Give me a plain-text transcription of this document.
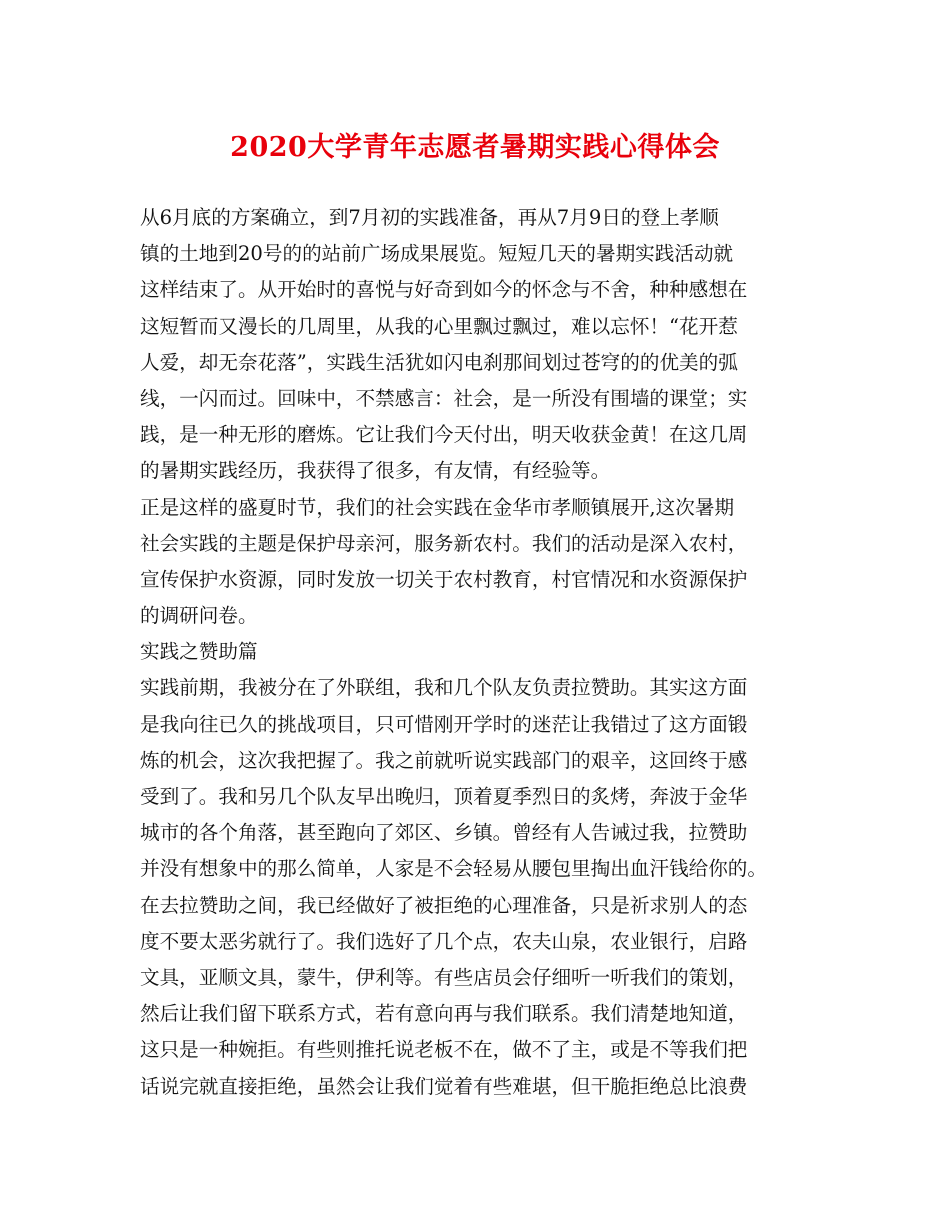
2020大学青年志愿者暑期实践心得体会
从6月底的方案确立，到7月初的实践准备，再从7月9日的登上孝顺
镇的土地到20号的的站前广场成果展览。短短几天的暑期实践活动就
这样结束了。从开始时的喜悦与好奇到如今的怀念与不舍，种种感想在
这短暂而又漫长的几周里，从我的心里飘过飘过，难以忘怀！“花开惹
人爱，却无奈花落”，实践生活犹如闪电刹那间划过苍穹的的优美的弧
线，一闪而过。回味中，不禁感言：社会，是一所没有围墙的课堂；实
践，是一种无形的磨炼。它让我们今天付出，明天收获金黄！在这几周
的暑期实践经历，我获得了很多，有友情，有经验等。
正是这样的盛夏时节，我们的社会实践在金华市孝顺镇展开,这次暑期
社会实践的主题是保护母亲河，服务新农村。我们的活动是深入农村，
宣传保护水资源，同时发放一切关于农村教育，村官情况和水资源保护
的调研问卷。
实践之赞助篇
实践前期，我被分在了外联组，我和几个队友负责拉赞助。其实这方面
是我向往已久的挑战项目，只可惜刚开学时的迷茫让我错过了这方面锻
炼的机会，这次我把握了。我之前就听说实践部门的艰辛，这回终于感
受到了。我和另几个队友早出晚归，顶着夏季烈日的炙烤，奔波于金华
城市的各个角落，甚至跑向了郊区、乡镇。曾经有人告诫过我，拉赞助
并没有想象中的那么简单，人家是不会轻易从腰包里掏出血汗钱给你的。
在去拉赞助之间，我已经做好了被拒绝的心理准备，只是祈求别人的态
度不要太恶劣就行了。我们选好了几个点，农夫山泉，农业银行，启路
文具，亚顺文具，蒙牛，伊利等。有些店员会仔细听一听我们的策划，
然后让我们留下联系方式，若有意向再与我们联系。我们清楚地知道，
这只是一种婉拒。有些则推托说老板不在，做不了主，或是不等我们把
话说完就直接拒绝，虽然会让我们觉着有些难堪，但干脆拒绝总比浪费
